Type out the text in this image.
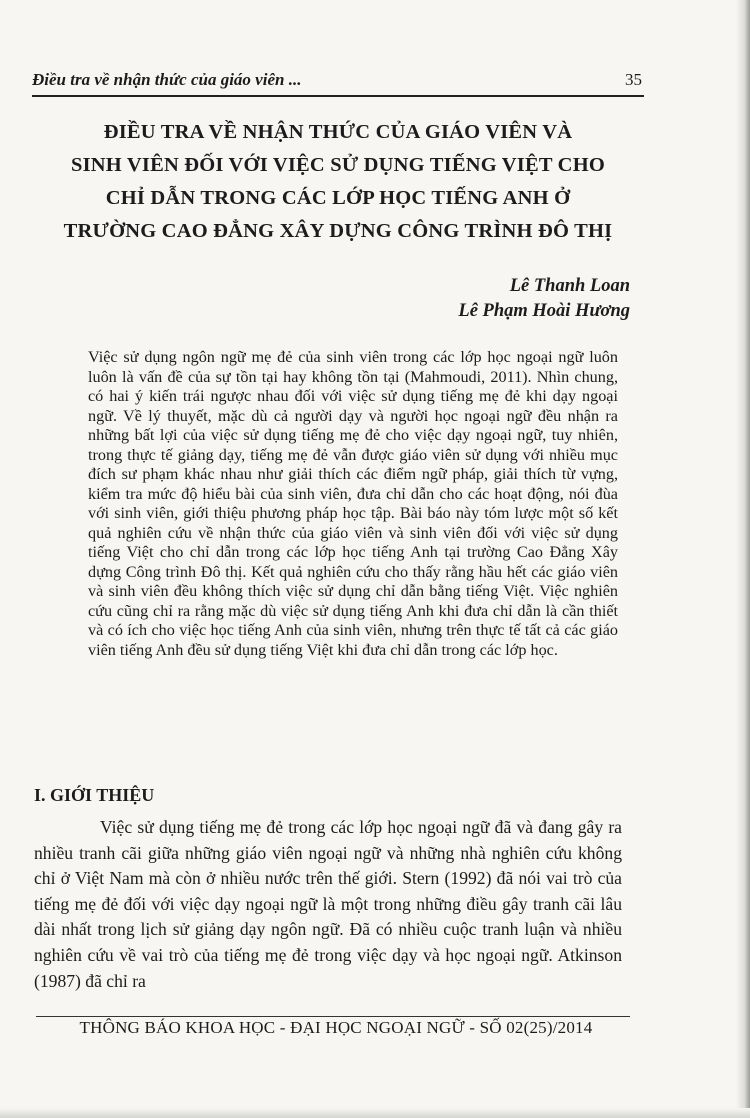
Điều tra về nhận thức của giáo viên ...	35
ĐIỀU TRA VỀ NHẬN THỨC CỦA GIÁO VIÊN VÀ
SINH VIÊN ĐỐI VỚI VIỆC SỬ DỤNG TIẾNG VIỆT CHO
CHỈ DẪN TRONG CÁC LỚP HỌC TIẾNG ANH Ở
TRƯỜNG CAO ĐẲNG XÂY DỰNG CÔNG TRÌNH ĐÔ THỊ
Lê Thanh Loan
Lê Phạm Hoài Hương

Việc sử dụng ngôn ngữ mẹ đẻ của sinh viên trong các lớp học ngoại ngữ luôn luôn là vấn đề của sự tồn tại hay không tồn tại (Mahmoudi, 2011). Nhìn chung, có hai ý kiến trái ngược nhau đối với việc sử dụng tiếng mẹ đẻ khi dạy ngoại ngữ. Về lý thuyết, mặc dù cả người dạy và người học ngoại ngữ đều nhận ra những bất lợi của việc sử dụng tiếng mẹ đẻ cho việc dạy ngoại ngữ, tuy nhiên, trong thực tế giảng dạy, tiếng mẹ đẻ vẫn được giáo viên sử dụng với nhiều mục đích sư phạm khác nhau như giải thích các điểm ngữ pháp, giải thích từ vựng, kiểm tra mức độ hiểu bài của sinh viên, đưa chỉ dẫn cho các hoạt động, nói đùa với sinh viên, giới thiệu phương pháp học tập. Bài báo này tóm lược một số kết quả nghiên cứu về nhận thức của giáo viên và sinh viên đối với việc sử dụng tiếng Việt cho chỉ dẫn trong các lớp học tiếng Anh tại trường Cao Đẳng Xây dựng Công trình Đô thị. Kết quả nghiên cứu cho thấy rằng hầu hết các giáo viên và sinh viên đều không thích việc sử dụng chỉ dẫn bằng tiếng Việt. Việc nghiên cứu cũng chỉ ra rằng mặc dù việc sử dụng tiếng Anh khi đưa chỉ dẫn là cần thiết và có ích cho việc học tiếng Anh của sinh viên, nhưng trên thực tế tất cả các giáo viên tiếng Anh đều sử dụng tiếng Việt khi đưa chỉ dẫn trong các lớp học.

I. GIỚI THIỆU

Việc sử dụng tiếng mẹ đẻ trong các lớp học ngoại ngữ đã và đang gây ra nhiều tranh cãi giữa những giáo viên ngoại ngữ và những nhà nghiên cứu không chỉ ở Việt Nam mà còn ở nhiều nước trên thế giới. Stern (1992) đã nói vai trò của tiếng mẹ đẻ đối với việc dạy ngoại ngữ là một trong những điều gây tranh cãi lâu dài nhất trong lịch sử giảng dạy ngôn ngữ. Đã có nhiều cuộc tranh luận và nhiều nghiên cứu về vai trò của tiếng mẹ đẻ trong việc dạy và học ngoại ngữ. Atkinson (1987) đã chỉ ra

THÔNG BÁO KHOA HỌC - ĐẠI HỌC NGOẠI NGỮ - SỐ 02(25)/2014
